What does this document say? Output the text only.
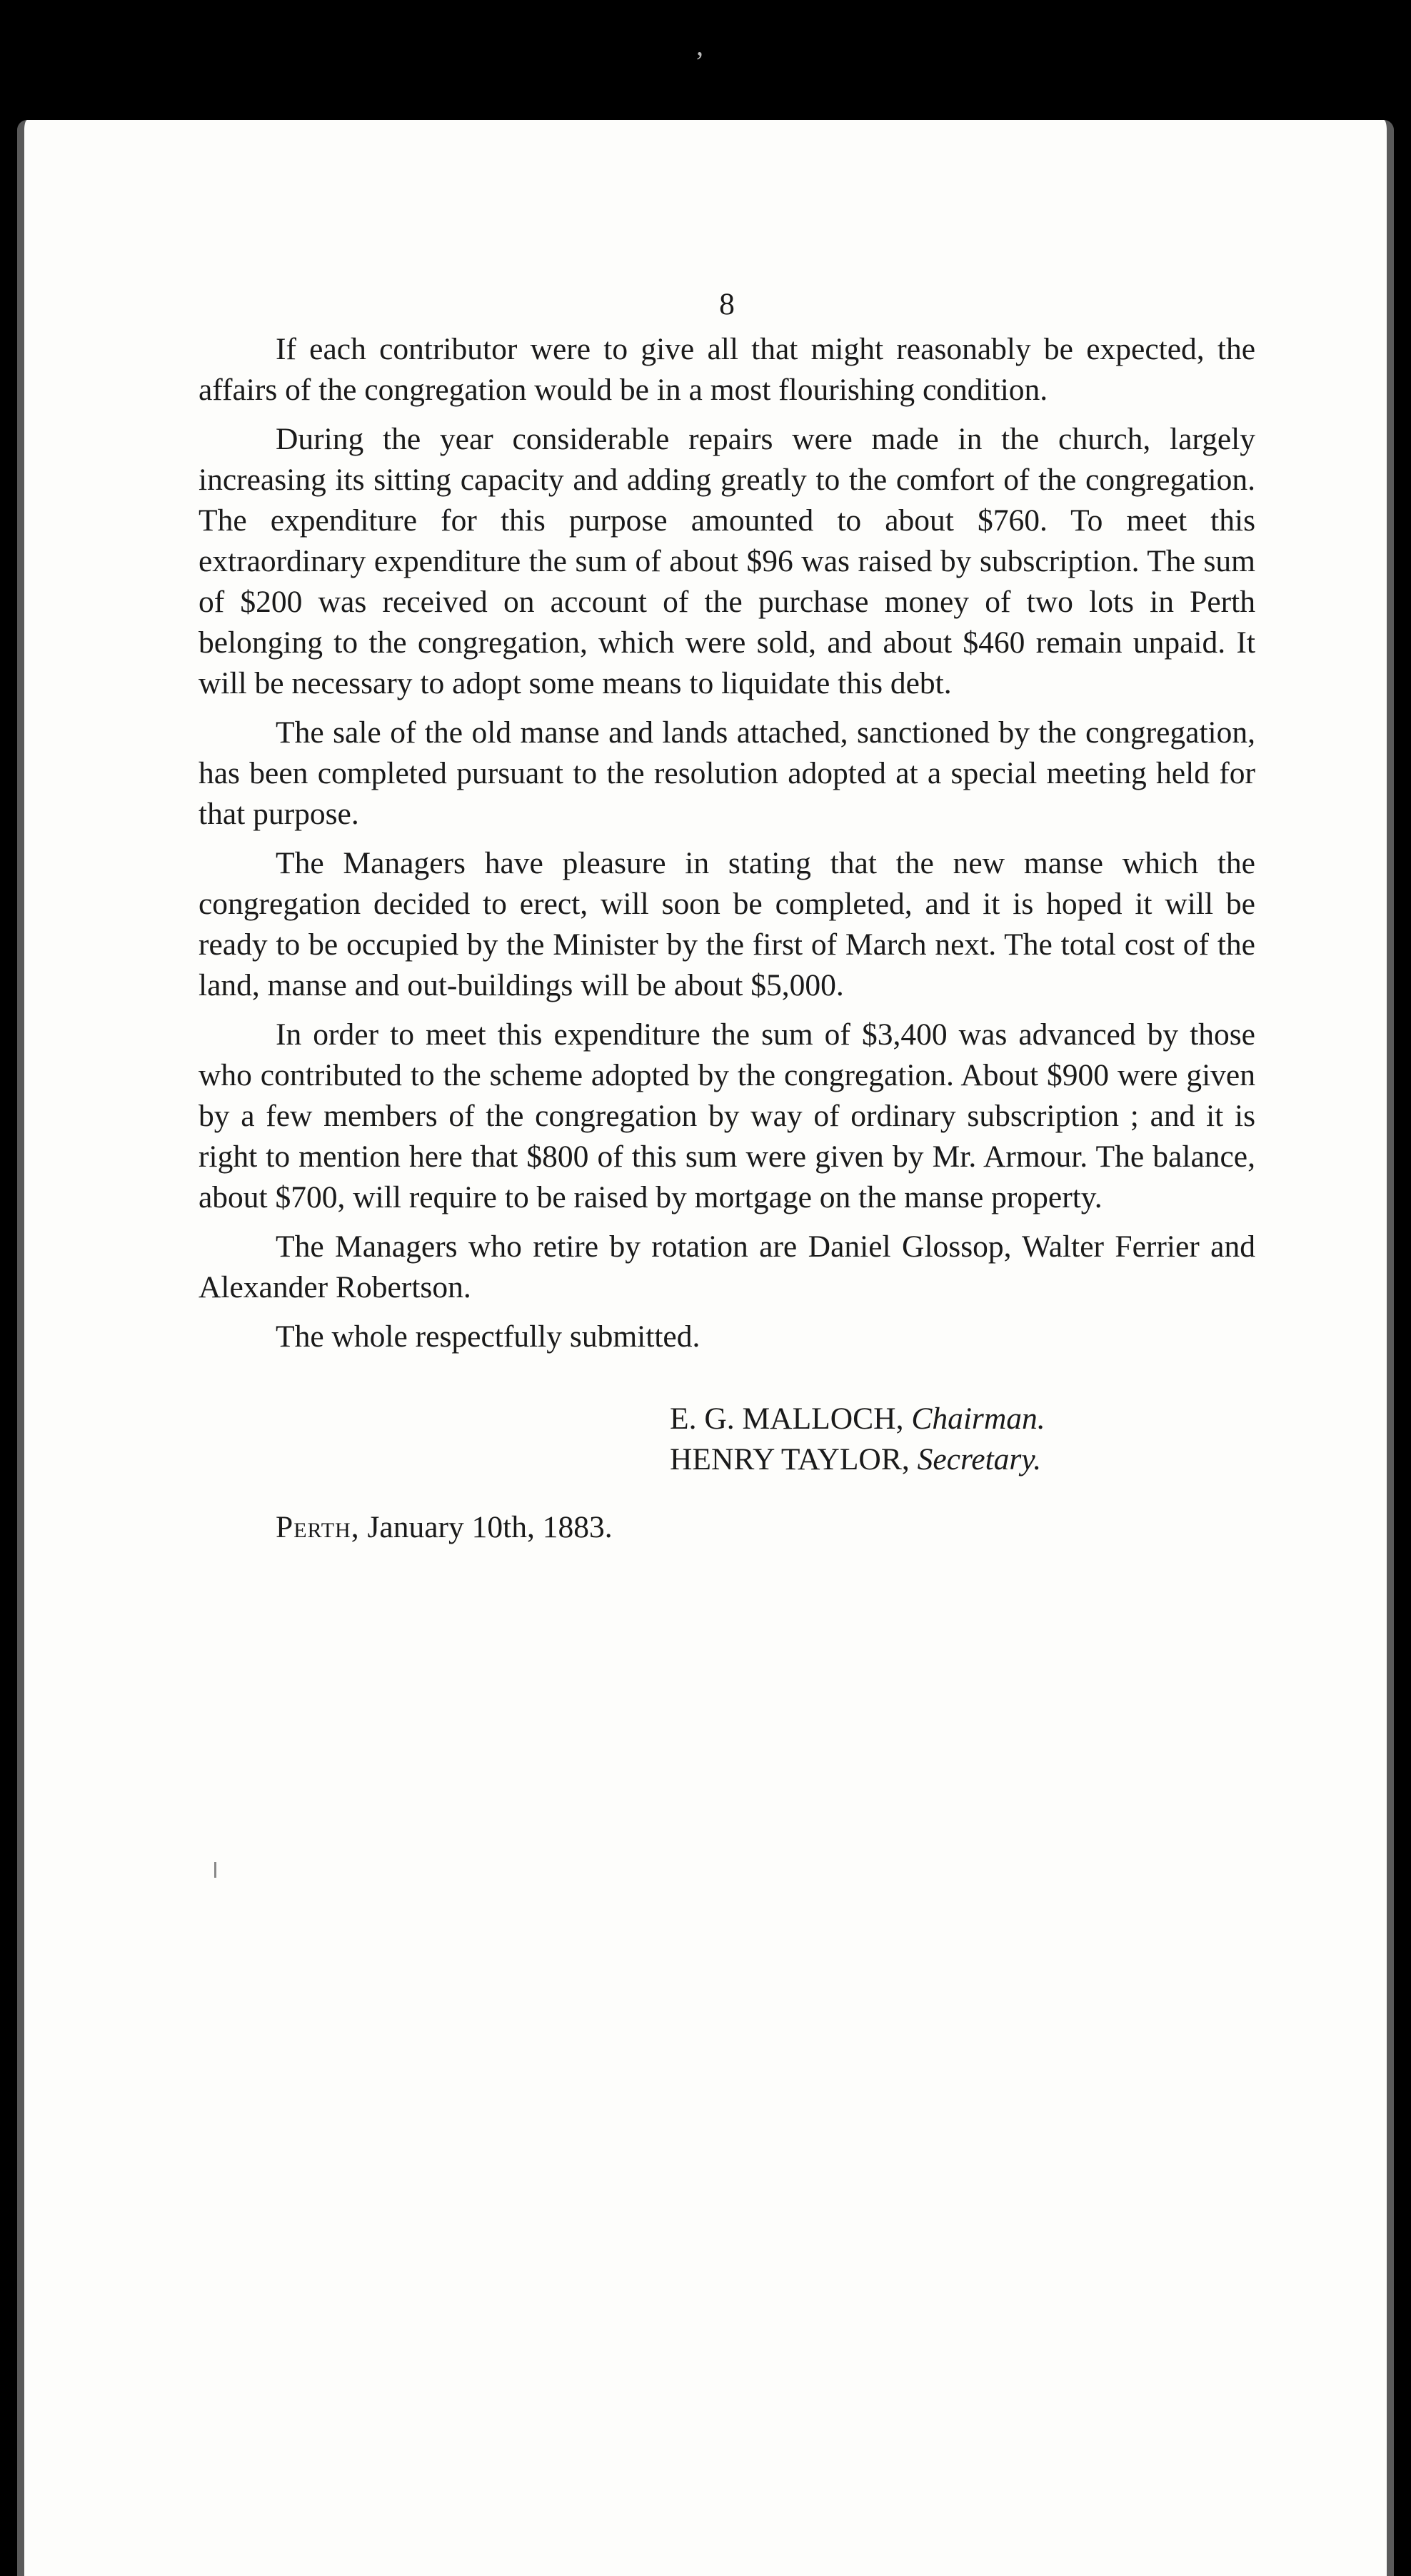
,
8

If each contributor were to give all that might reasonably be expected, the affairs of the congregation would be in a most flourishing condition.

During the year considerable repairs were made in the church, largely increasing its sitting capacity and adding greatly to the comfort of the congregation. The expenditure for this purpose amounted to about $760. To meet this extraordinary expenditure the sum of about $96 was raised by subscription. The sum of $200 was received on account of the purchase money of two lots in Perth belonging to the congregation, which were sold, and about $460 remain unpaid. It will be necessary to adopt some means to liquidate this debt.

The sale of the old manse and lands attached, sanctioned by the congregation, has been completed pursuant to the resolution adopted at a special meeting held for that purpose.

The Managers have pleasure in stating that the new manse which the congregation decided to erect, will soon be completed, and it is hoped it will be ready to be occupied by the Minister by the first of March next. The total cost of the land, manse and out-buildings will be about $5,000.

In order to meet this expenditure the sum of $3,400 was advanced by those who contributed to the scheme adopted by the congregation. About $900 were given by a few members of the congregation by way of ordinary subscription ; and it is right to mention here that $800 of this sum were given by Mr. Armour. The balance, about $700, will require to be raised by mortgage on the manse property.

The Managers who retire by rotation are Daniel Glossop, Walter Ferrier and Alexander Robertson.

The whole respectfully submitted.

E. G. MALLOCH, Chairman.
HENRY TAYLOR, Secretary.
Perth, January 10th, 1883.
